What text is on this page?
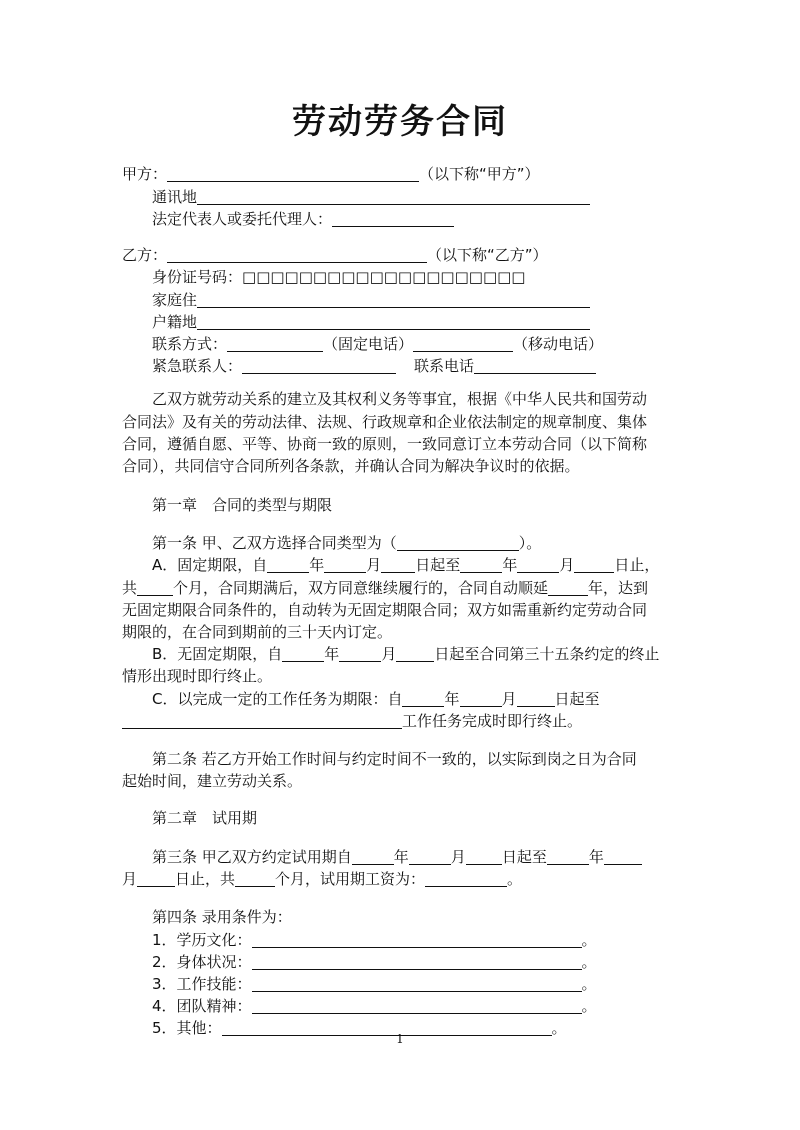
劳动劳务合同
甲方：	（以下称“甲方”）
通讯地
法定代表人或委托代理人：
乙方：	（以下称“乙方”）
身份证号码：□□□□□□□□□□□□□□□□□□□□
家庭住
户籍地
联系方式：	（固定电话）	（移动电话）
紧急联系人：	联系电话
乙双方就劳动关系的建立及其权利义务等事宜，根据《中华人民共和国劳动
合同法》及有关的劳动法律、法规、行政规章和企业依法制定的规章制度、集体
合同，遵循自愿、平等、协商一致的原则，一致同意订立本劳动合同（以下简称
合同），共同信守合同所列各条款，并确认合同为解决争议时的依据。
第一章　合同的类型与期限
第一条 甲、乙双方选择合同类型为（	）。
A．固定期限，自	年	月 日起至	年	月	日止，
共 个月，合同期满后，双方同意继续履行的，合同自动顺延	年，达到
无固定期限合同条件的，自动转为无固定期限合同；双方如需重新约定劳动合同
期限的，在合同到期前的三十天内订定。
B．无固定期限，自	年	月	日起至合同第三十五条约定的终止
情形出现时即行终止。
C．以完成一定的工作任务为期限：自	年	月	日起至
工作任务完成时即行终止。
第二条 若乙方开始工作时间与约定时间不一致的，以实际到岗之日为合同
起始时间，建立劳动关系。
第二章　试用期
第三条 甲乙双方约定试用期自	年	月 日起至	年
月	日止，共	个月，试用期工资为：	。
第四条 录用条件为：
1．学历文化：	。
2．身体状况：	。
3．工作技能：	。
4．团队精神：	。
5．其他：	。
1
